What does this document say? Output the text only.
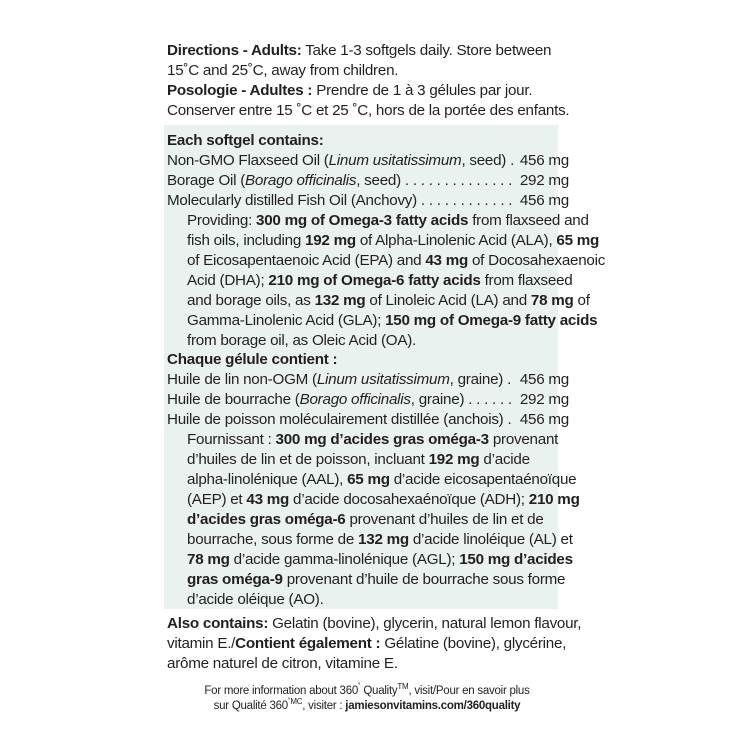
Directions - Adults: Take 1-3 softgels daily. Store between
15˚C and 25˚C, away from children.
Posologie - Adultes : Prendre de 1 à 3 gélules par jour.
Conserver entre 15 ˚C et 25 ˚C, hors de la portée des enfants.
Each softgel contains:
Non-GMO Flaxseed Oil (Linum usitatissimum, seed) . . . 456 mg
Borage Oil (Borago officinalis, seed) . . .	292 mg
Molecularly distilled Fish Oil (Anchovy) . . .	456 mg
Providing: 300 mg of Omega-3 fatty acids from flaxseed and
fish oils, including 192 mg of Alpha-Linolenic Acid (ALA), 65 mg
of Eicosapentaenoic Acid (EPA) and 43 mg of Docosahexaenoic
Acid (DHA); 210 mg of Omega-6 fatty acids from flaxseed
and borage oils, as 132 mg of Linoleic Acid (LA) and 78 mg of
Gamma-Linolenic Acid (GLA); 150 mg of Omega-9 fatty acids
from borage oil, as Oleic Acid (OA).
Chaque gélule contient :
Huile de lin non-OGM (Linum usitatissimum, graine) . . .	456 mg
Huile de bourrache (Borago officinalis, graine) . . .	292 mg
Huile de poisson moléculairement distillée (anchois) . . .	456 mg
Fournissant : 300 mg d’acides gras oméga-3 provenant
d’huiles de lin et de poisson, incluant 192 mg d’acide
alpha-linolénique (AAL), 65 mg d’acide eicosapentaénoïque
(AEP) et 43 mg d’acide docosahexaénoïque (ADH); 210 mg
d’acides gras oméga-6 provenant d’huiles de lin et de
bourrache, sous forme de 132 mg d’acide linoléique (AL) et
78 mg d’acide gamma-linolénique (AGL); 150 mg d’acides
gras oméga-9 provenant d’huile de bourrache sous forme
d’acide oléique (AO).
Also contains: Gelatin (bovine), glycerin, natural lemon flavour,
vitamin E./Contient également : Gélatine (bovine), glycérine,
arôme naturel de citron, vitamine E.
For more information about 360˚ Quality™, visit/Pour en savoir plus
sur Qualité $360^{˚MC}$, visiter : jamiesonvitamins.com/360quality
